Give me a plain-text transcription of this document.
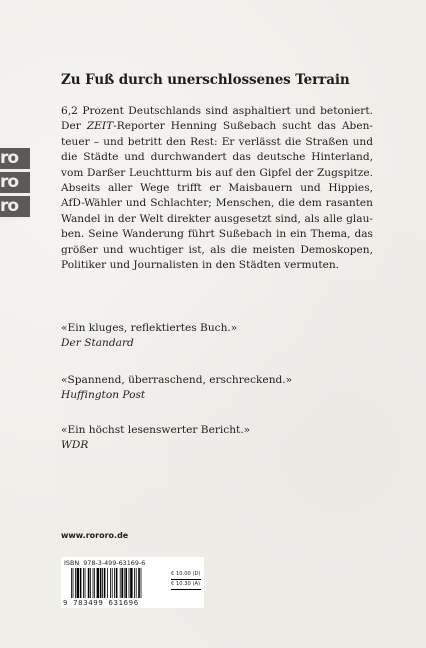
ro
ro
ro
Zu Fuß durch unerschlossenes Terrain
6,2 Prozent Deutschlands sind asphaltiert und betoniert.
Der ZEIT-Reporter Henning Sußebach sucht das Aben-
teuer – und betritt den Rest: Er verlässt die Straßen und
die Städte und durchwandert das deutsche Hinterland,
vom Darßer Leuchtturm bis auf den Gipfel der Zugspitze.
Abseits aller Wege trifft er Maisbauern und Hippies,
AfD-Wähler und Schlachter; Menschen, die dem rasanten
Wandel in der Welt direkter ausgesetzt sind, als alle glau-
ben. Seine Wanderung führt Sußebach in ein Thema, das
größer und wuchtiger ist, als die meisten Demoskopen,
Politiker und Journalisten in den Städten vermuten.
«Ein kluges, reflektiertes Buch.»
Der Standard
«Spannend, überraschend, erschreckend.»
Huffington Post
«Ein höchst lesenswerter Bericht.»
WDR
www.rororo.de
ISBN 978-3-499-63169-6
9 783499 631696
€ 10.00 (D)
€ 10.30 (A)
